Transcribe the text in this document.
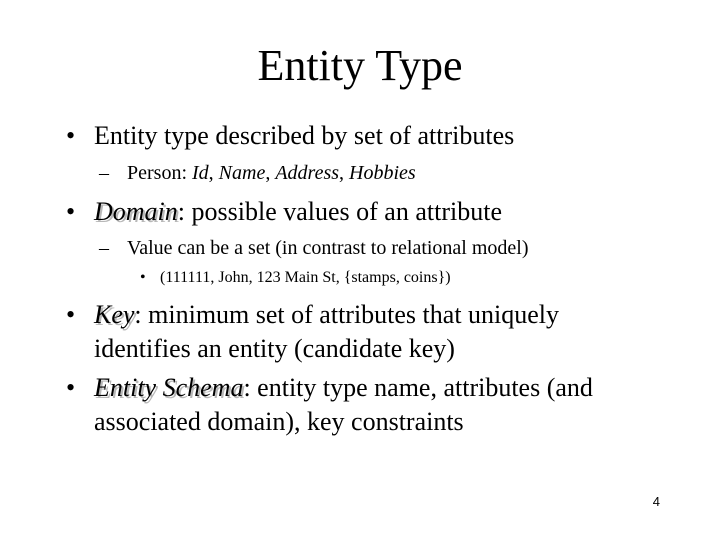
Entity Type
• Entity type described by set of attributes
– Person: Id, Name, Address, Hobbies
• Domain: possible values of an attribute
– Value can be a set (in contrast to relational model)
• (111111, John, 123 Main St, {stamps, coins})
• Key: minimum set of attributes that uniquely
identifies an entity (candidate key)
• Entity Schema: entity type name, attributes (and
associated domain), key constraints
4
